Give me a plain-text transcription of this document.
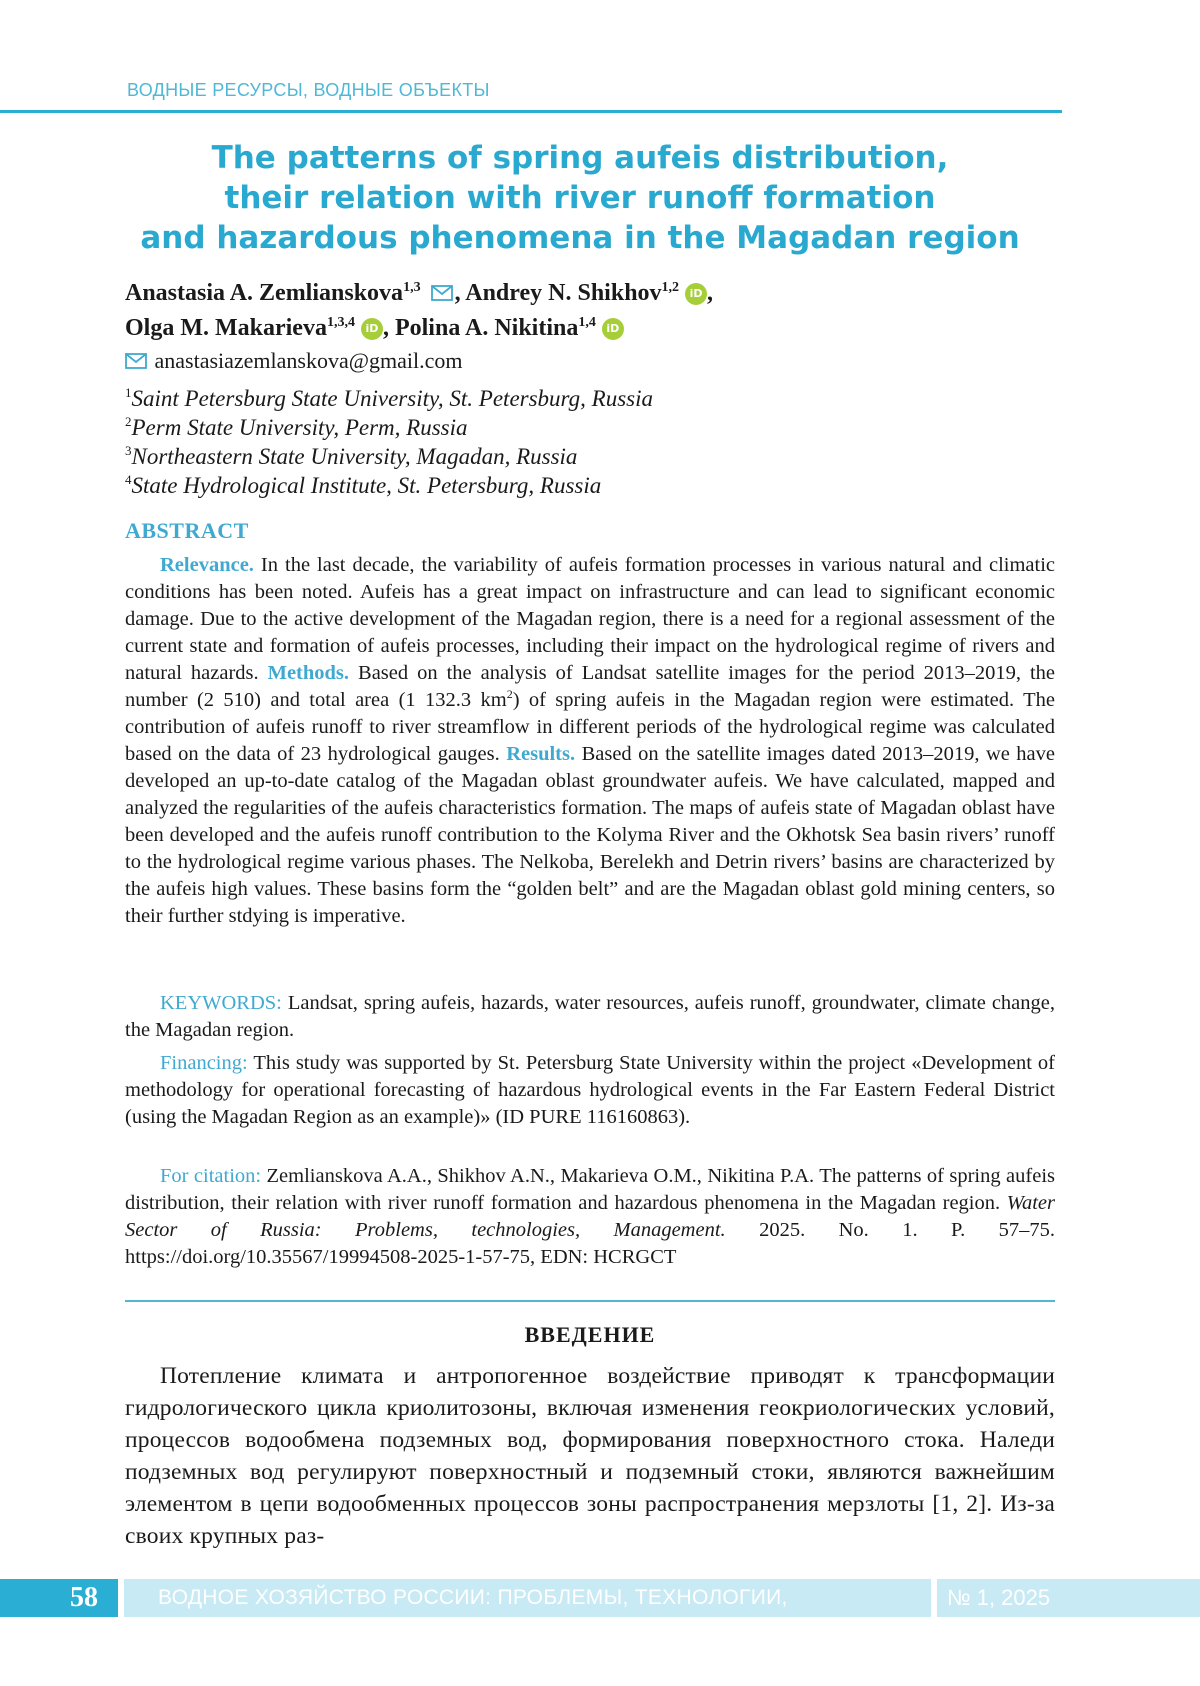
ВОДНЫЕ РЕСУРСЫ, ВОДНЫЕ ОБЪЕКТЫ
The patterns of spring aufeis distribution,
their relation with river runoff formation
and hazardous phenomena in the Magadan region
Anastasia A. Zemlianskova$^{1,3}$ , Andrey N. Shikhov$^{1,2}$ iD ,
Olga M. Makarieva$^{1,3,4}$ iD , Polina A. Nikitina$^{1,4}$ iD
anastasiazemlanskova@gmail.com
$^1$Saint Petersburg State University, St. Petersburg, Russia
$^2$Perm State University, Perm, Russia
$^3$Northeastern State University, Magadan, Russia
$^4$State Hydrological Institute, St. Petersburg, Russia
ABSTRACT

Relevance. In the last decade, the variability of aufeis formation processes in various natural and climatic conditions has been noted. Aufeis has a great impact on infrastructure and can lead to significant economic damage. Due to the active development of the Magadan region, there is a need for a regional assessment of the current state and formation of aufeis processes, including their impact on the hydrological regime of rivers and natural hazards. Methods. Based on the analysis of Landsat satellite images for the period 2013–2019, the number (2 510) and total area (1 132.3 $km^2$) of spring aufeis in the Magadan region were estimated. The contribution of aufeis runoff to river streamflow in different periods of the hydrological regime was calculated based on the data of 23 hydrological gauges. Results. Based on the satellite images dated 2013–2019, we have developed an up-to-date catalog of the Magadan oblast groundwater aufeis. We have calculated, mapped and analyzed the regularities of the aufeis characteristics formation. The maps of aufeis state of Magadan oblast have been developed and the aufeis runoff contribution to the Kolyma River and the Okhotsk Sea basin rivers’ runoff to the hydrological regime various phases. The Nelkoba, Berelekh and Detrin rivers’ basins are characterized by the aufeis high values. These basins form the “golden belt” and are the Magadan oblast gold mining centers, so their further stdying is imperative.

KEYWORDS: Landsat, spring aufeis, hazards, water resources, aufeis runoff, groundwater, climate change, the Magadan region.

Financing: This study was supported by St. Petersburg State University within the project «Development of methodology for operational forecasting of hazardous hydrological events in the Far Eastern Federal District (using the Magadan Region as an example)» (ID PURE 116160863).

For citation: Zemlianskova A.A., Shikhov A.N., Makarieva O.M., Nikitina P.A. The patterns of spring aufeis distribution, their relation with river runoff formation and hazardous phenomena in the Magadan region. Water Sector of Russia: Problems, technologies, Management. 2025. No. 1. P. 57–75. https://doi.org/10.35567/19994508-2025-1-57-75, EDN: HCRGCT

ВВЕДЕНИЕ

Потепление климата и антропогенное воздействие приводят к трансформации гидрологического цикла криолитозоны, включая изменения геокриологических условий, процессов водообмена подземных вод, формирования поверхностного стока. Наледи подземных вод регулируют поверхностный и подземный стоки, являются важнейшим элементом в цепи водообменных процессов зоны распространения мерзлоты [1, 2]. Из-за своих крупных раз-

58	ВОДНОЕ ХОЗЯЙСТВО РОССИИ: ПРОБЛЕМЫ, ТЕХНОЛОГИИ, УПРАВЛЕНИЕ
№ 1, 2025
